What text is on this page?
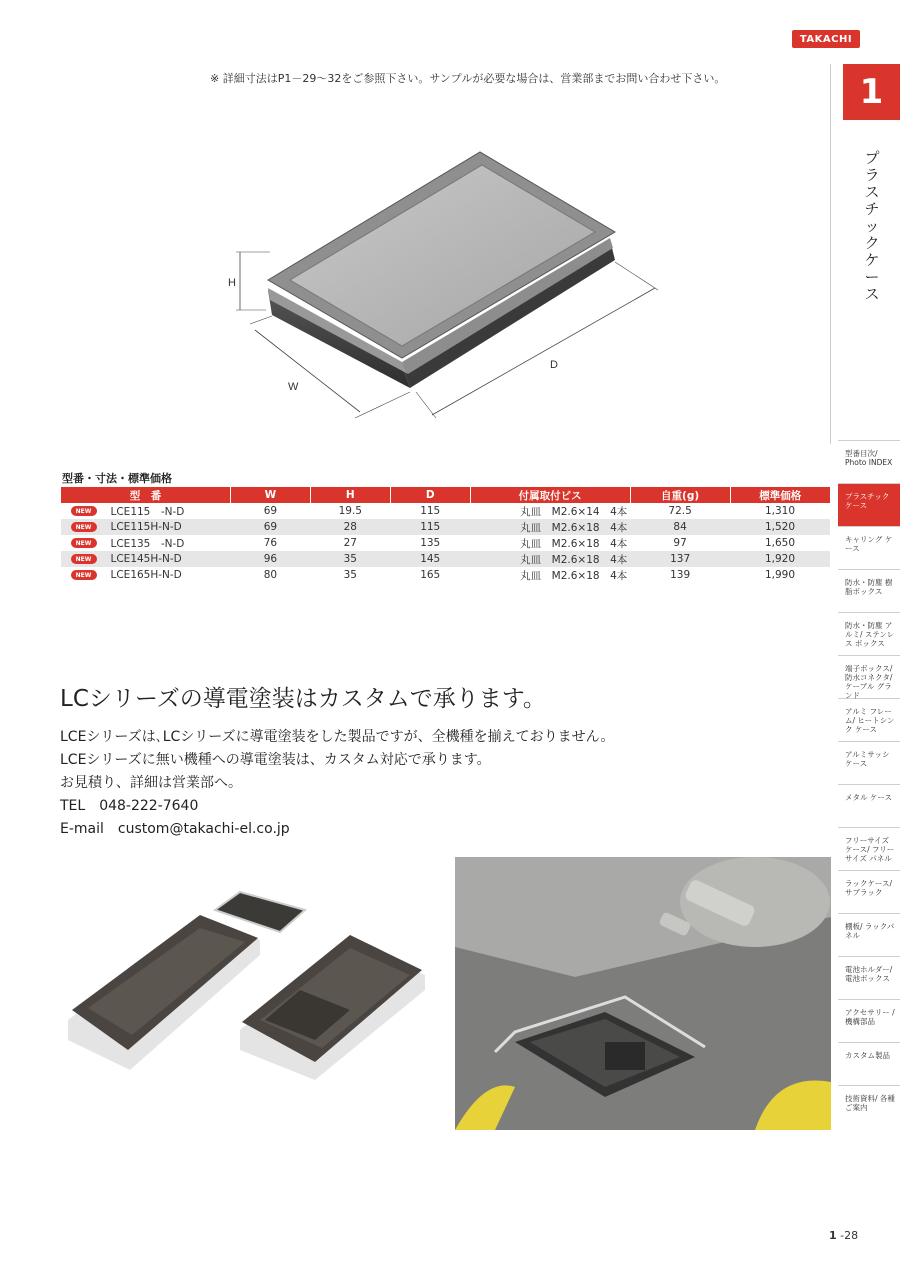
TAKACHI
※ 詳細寸法はP1－29～32をご参照下さい。サンプルが必要な場合は、営業部までお問い合わせ下さい。	1
プラスチックケース
H
W
D
型番・寸法・標準価格
型　番	W	H	D	付属取付ビス	自重(g)	標準価格

NEW LCE115　-N-D	69	19.5	115	丸皿　M2.6×14　4本	72.5	1,310

NEW LCE115H-N-D	69	28	115	丸皿　M2.6×18　4本	84	1,520

NEW LCE135　-N-D	76	27	135	丸皿　M2.6×18　4本	97	1,650

NEW LCE145H-N-D	96	35	145	丸皿　M2.6×18　4本	137	1,920

NEW LCE165H-N-D	80	35	165	丸皿　M2.6×18　4本	139	1,990
LCシリーズの導電塗装はカスタムで承ります。
LCEシリーズは､LCシリーズに導電塗装をした製品ですが、全機種を揃えておりません。
LCEシリーズに無い機種への導電塗装は、カスタム対応で承ります。
お見積り、詳細は営業部へ。
TEL　048-222-7640
E-mail　custom@takachi-el.co.jp
型番目次/ Photo INDEX
プラスチック ケース
キャリング ケース
防水・防塵 樹脂ボックス
防水・防塵 アルミ/ ステンレス ボックス
端子ボックス/ 防水コネクタ/ ケーブル グランド
アルミ フレーム/ ヒートシンク ケース
アルミサッシ ケース
メタル ケース
フリーサイズ ケース/ フリーサイズ パネル
ラックケース/ サブラック
棚板/ ラックパネル
電池ホルダー/ 電池ボックス
アクセサリー /機構部品
カスタム製品
技術資料/ 各種ご案内
1 -28
